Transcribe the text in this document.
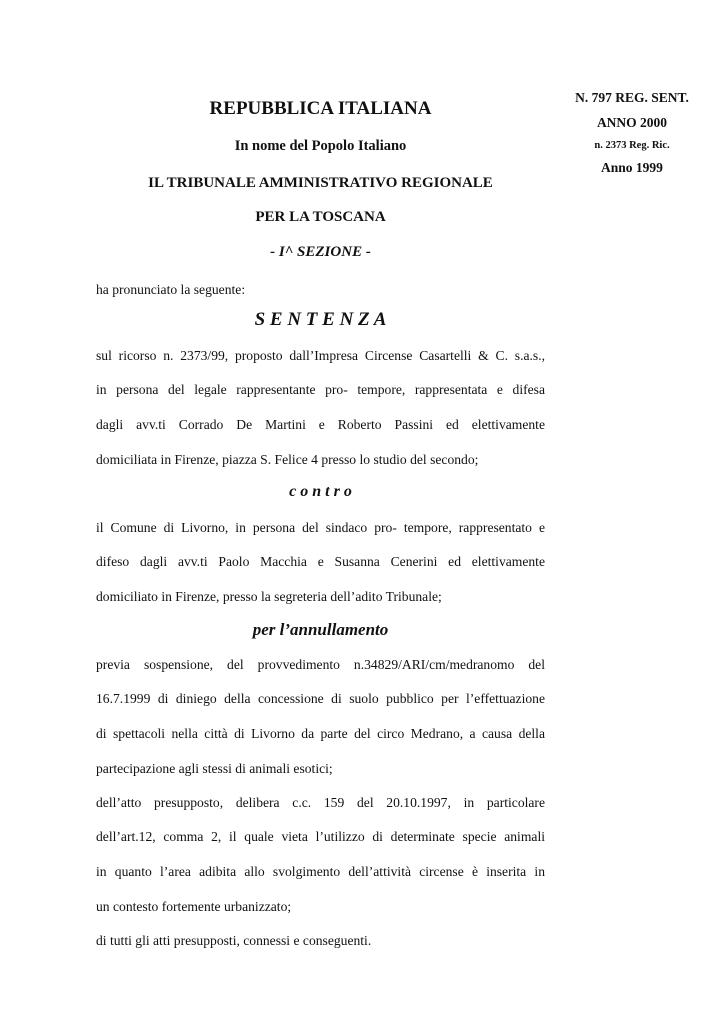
N. 797 REG. SENT.
ANNO 2000
n. 2373 Reg. Ric.
Anno 1999
REPUBBLICA ITALIANA
In nome del Popolo Italiano
IL TRIBUNALE AMMINISTRATIVO REGIONALE
PER LA TOSCANA
- I^ SEZIONE -
ha pronunciato la seguente:
S E N T E N Z A
sul ricorso n. 2373/99, proposto dall’Impresa Circense Casartelli & C. s.a.s.,
in persona del legale rappresentante pro- tempore, rappresentata e difesa
dagli avv.ti Corrado De Martini e Roberto Passini ed elettivamente
domiciliata in Firenze, piazza S. Felice 4 presso lo studio del secondo;
c o n t r o
il Comune di Livorno, in persona del sindaco pro- tempore, rappresentato e
difeso dagli avv.ti Paolo Macchia e Susanna Cenerini ed elettivamente
domiciliato in Firenze, presso la segreteria dell’adito Tribunale;
per l’annullamento
previa sospensione, del provvedimento n.34829/ARI/cm/medranomo del
16.7.1999 di diniego della concessione di suolo pubblico per l’effettuazione
di spettacoli nella città di Livorno da parte del circo Medrano, a causa della
partecipazione agli stessi di animali esotici;
dell’atto presupposto, delibera c.c. 159 del 20.10.1997, in particolare
dell’art.12, comma 2, il quale vieta l’utilizzo di determinate specie animali
in quanto l’area adibita allo svolgimento dell’attività circense è inserita in
un contesto fortemente urbanizzato;
di tutti gli atti presupposti, connessi e conseguenti.
